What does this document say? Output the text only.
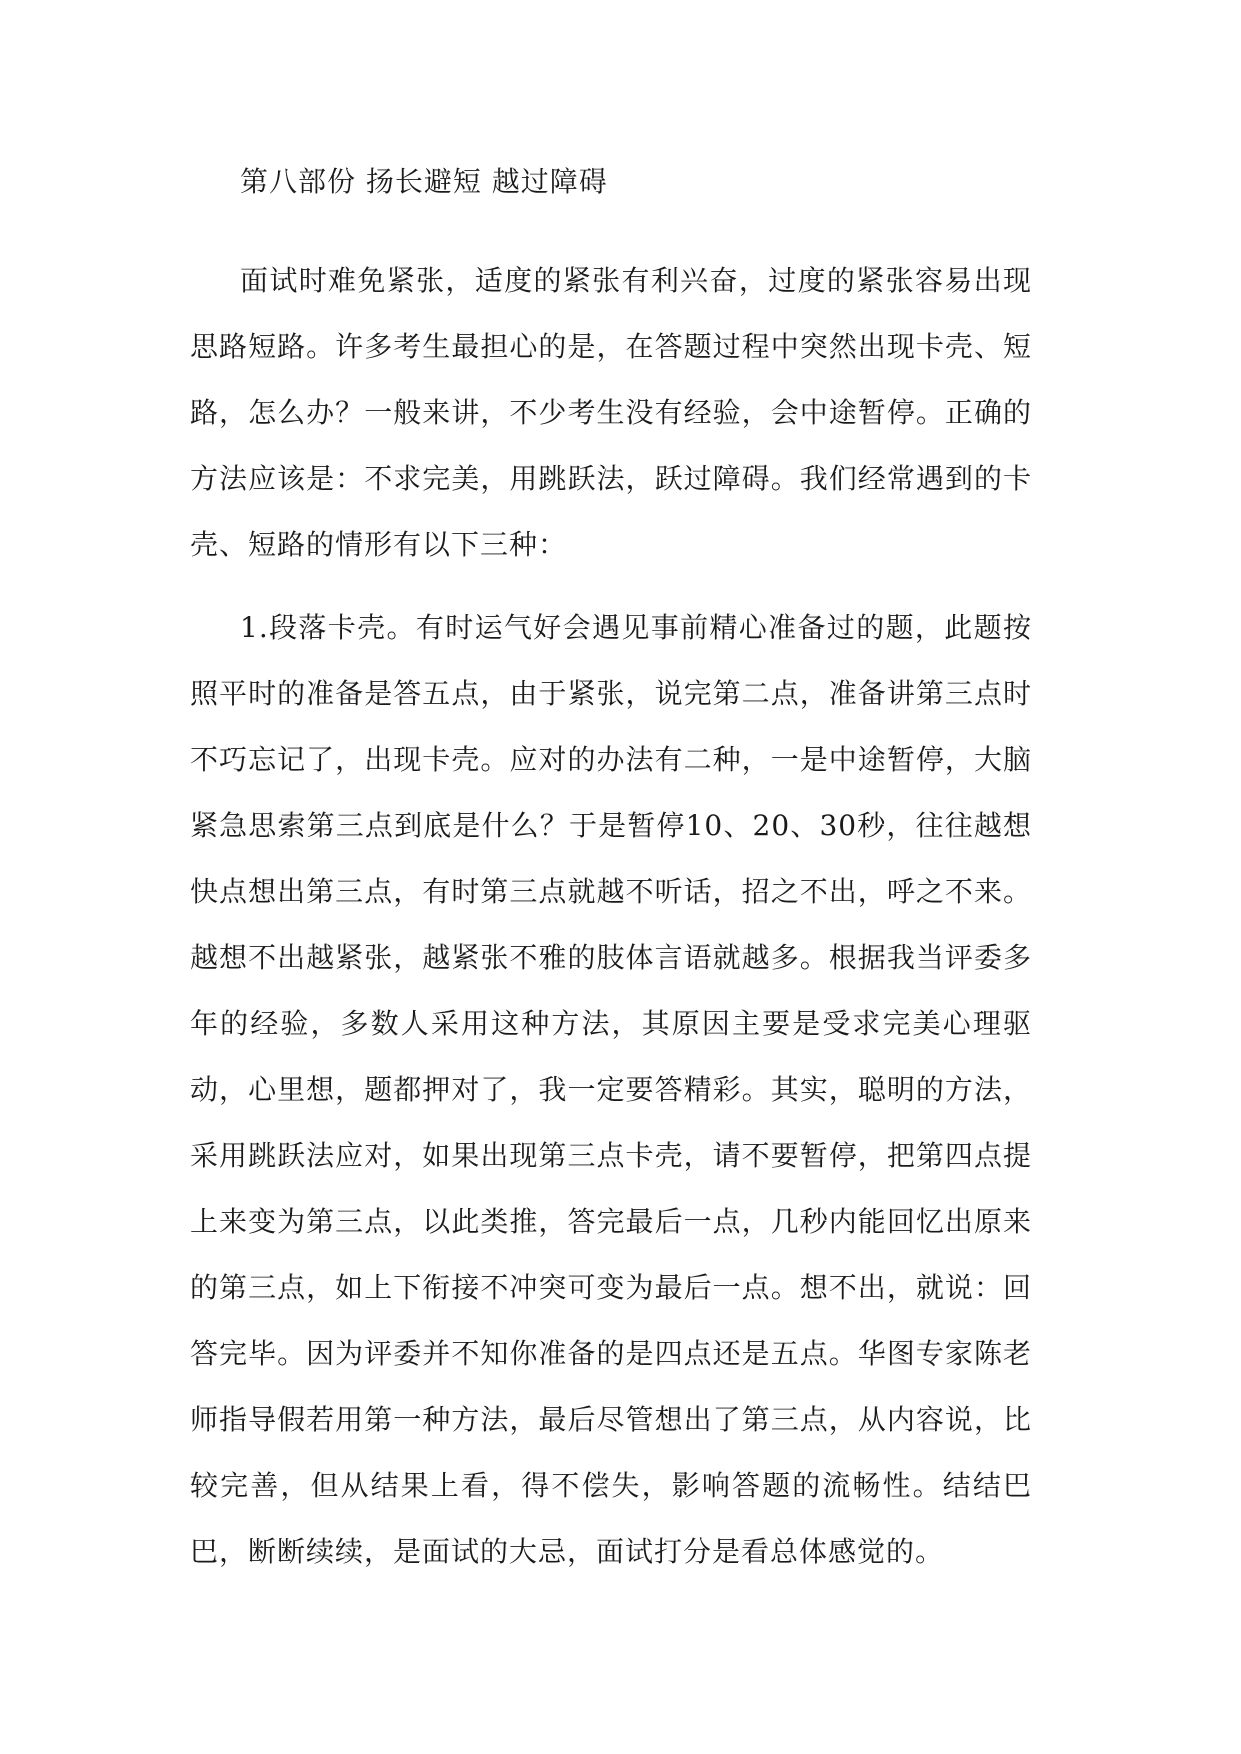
第八部份 扬长避短 越过障碍

面试时难免紧张，适度的紧张有利兴奋，过度的紧张容易出现思路短路。许多考生最担心的是，在答题过程中突然出现卡壳、短路，怎么办？一般来讲，不少考生没有经验，会中途暂停。正确的方法应该是：不求完美，用跳跃法，跃过障碍。我们经常遇到的卡壳、短路的情形有以下三种：

1.段落卡壳。有时运气好会遇见事前精心准备过的题，此题按照平时的准备是答五点，由于紧张，说完第二点，准备讲第三点时不巧忘记了，出现卡壳。应对的办法有二种，一是中途暂停，大脑紧急思索第三点到底是什么？于是暂停10、20、30秒，往往越想快点想出第三点，有时第三点就越不听话，招之不出，呼之不来。越想不出越紧张，越紧张不雅的肢体言语就越多。根据我当评委多年的经验，多数人采用这种方法，其原因主要是受求完美心理驱动，心里想，题都押对了，我一定要答精彩。其实，聪明的方法，采用跳跃法应对，如果出现第三点卡壳，请不要暂停，把第四点提上来变为第三点，以此类推，答完最后一点，几秒内能回忆出原来的第三点，如上下衔接不冲突可变为最后一点。想不出，就说：回答完毕。因为评委并不知你准备的是四点还是五点。华图专家陈老师指导假若用第一种方法，最后尽管想出了第三点，从内容说，比较完善，但从结果上看，得不偿失，影响答题的流畅性。结结巴巴，断断续续，是面试的大忌，面试打分是看总体感觉的。
